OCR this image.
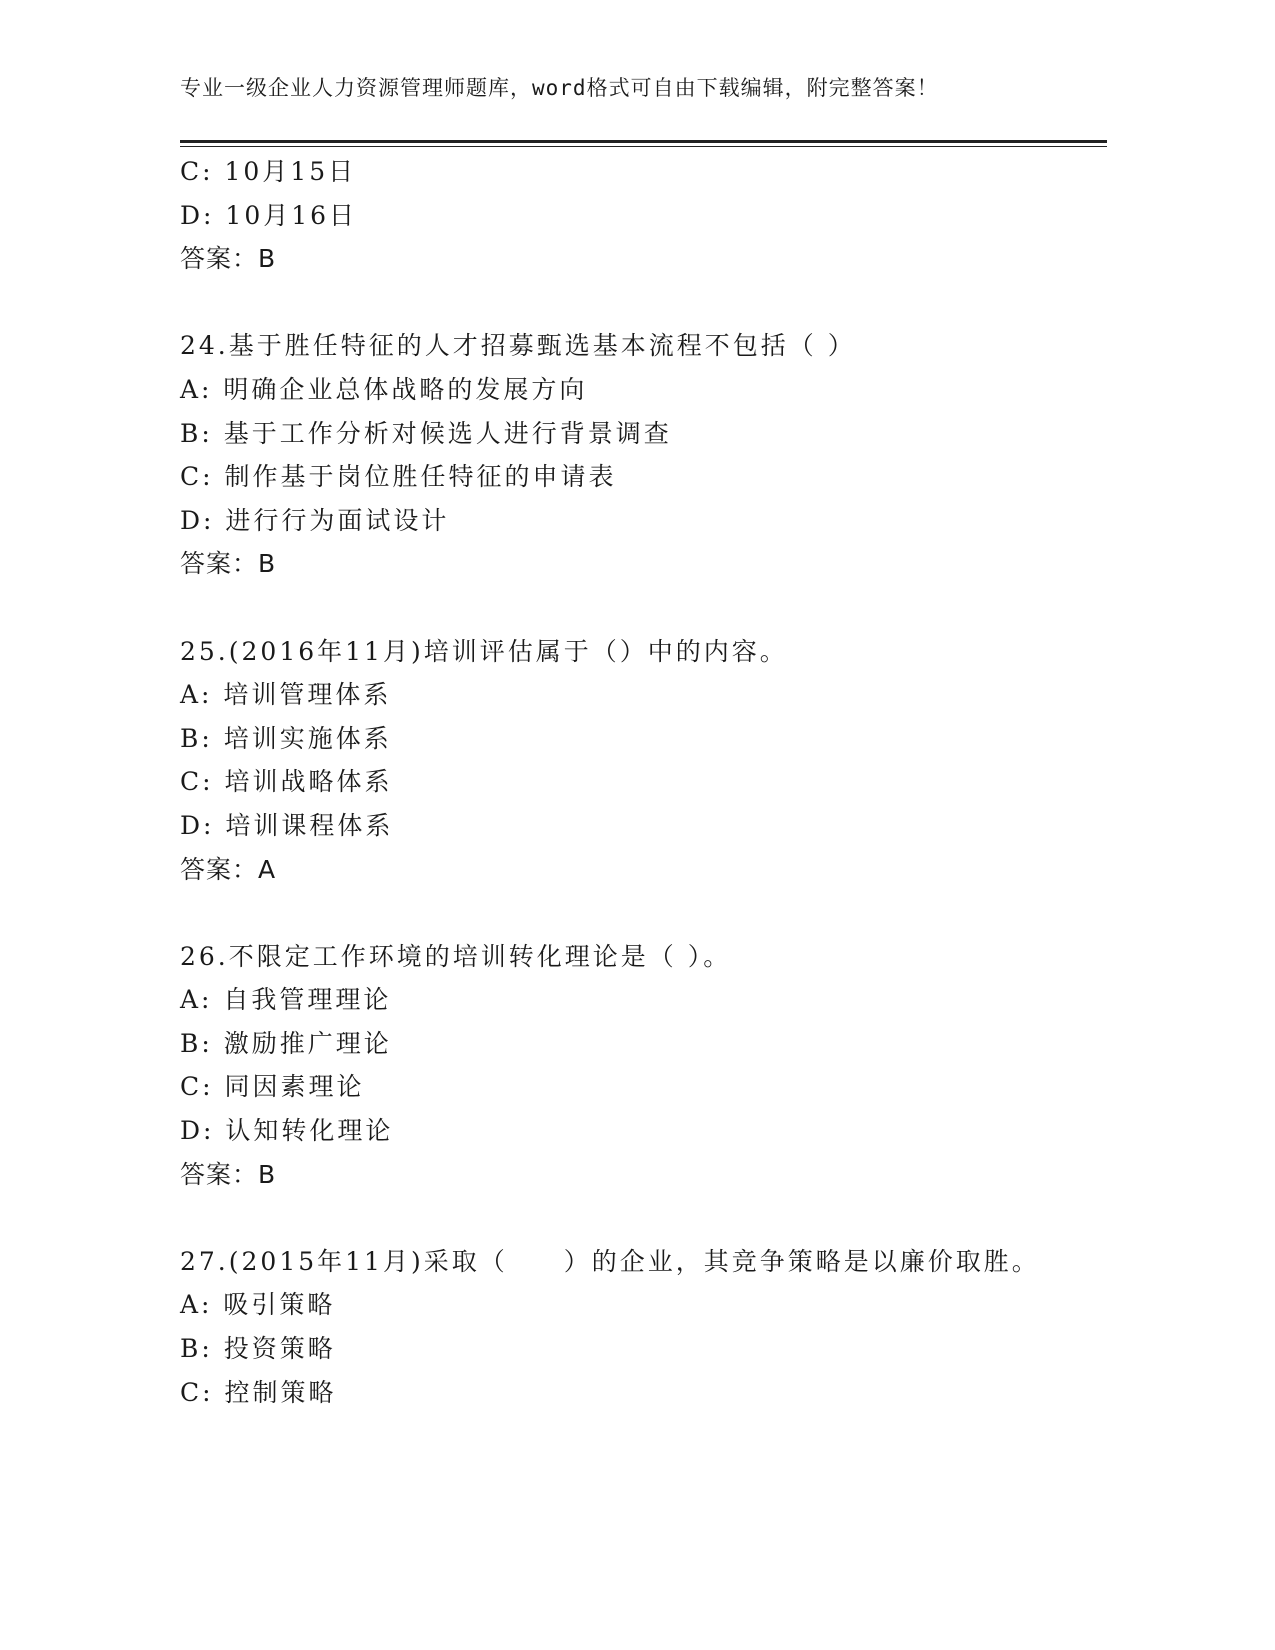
专业一级企业人力资源管理师题库，word格式可自由下载编辑，附完整答案！
C: 10月15日
D: 10月16日
答案：B
24.基于胜任特征的人才招募甄选基本流程不包括（ ）
A: 明确企业总体战略的发展方向
B: 基于工作分析对候选人进行背景调查
C: 制作基于岗位胜任特征的申请表
D: 进行行为面试设计
答案：B
25.(2016年11月)培训评估属于（）中的内容。
A: 培训管理体系
B: 培训实施体系
C: 培训战略体系
D: 培训课程体系
答案：A
26.不限定工作环境的培训转化理论是（ ）。
A: 自我管理理论
B: 激励推广理论
C: 同因素理论
D: 认知转化理论
答案：B
27.(2015年11月)采取（　　）的企业，其竞争策略是以廉价取胜。
A: 吸引策略
B: 投资策略
C: 控制策略
